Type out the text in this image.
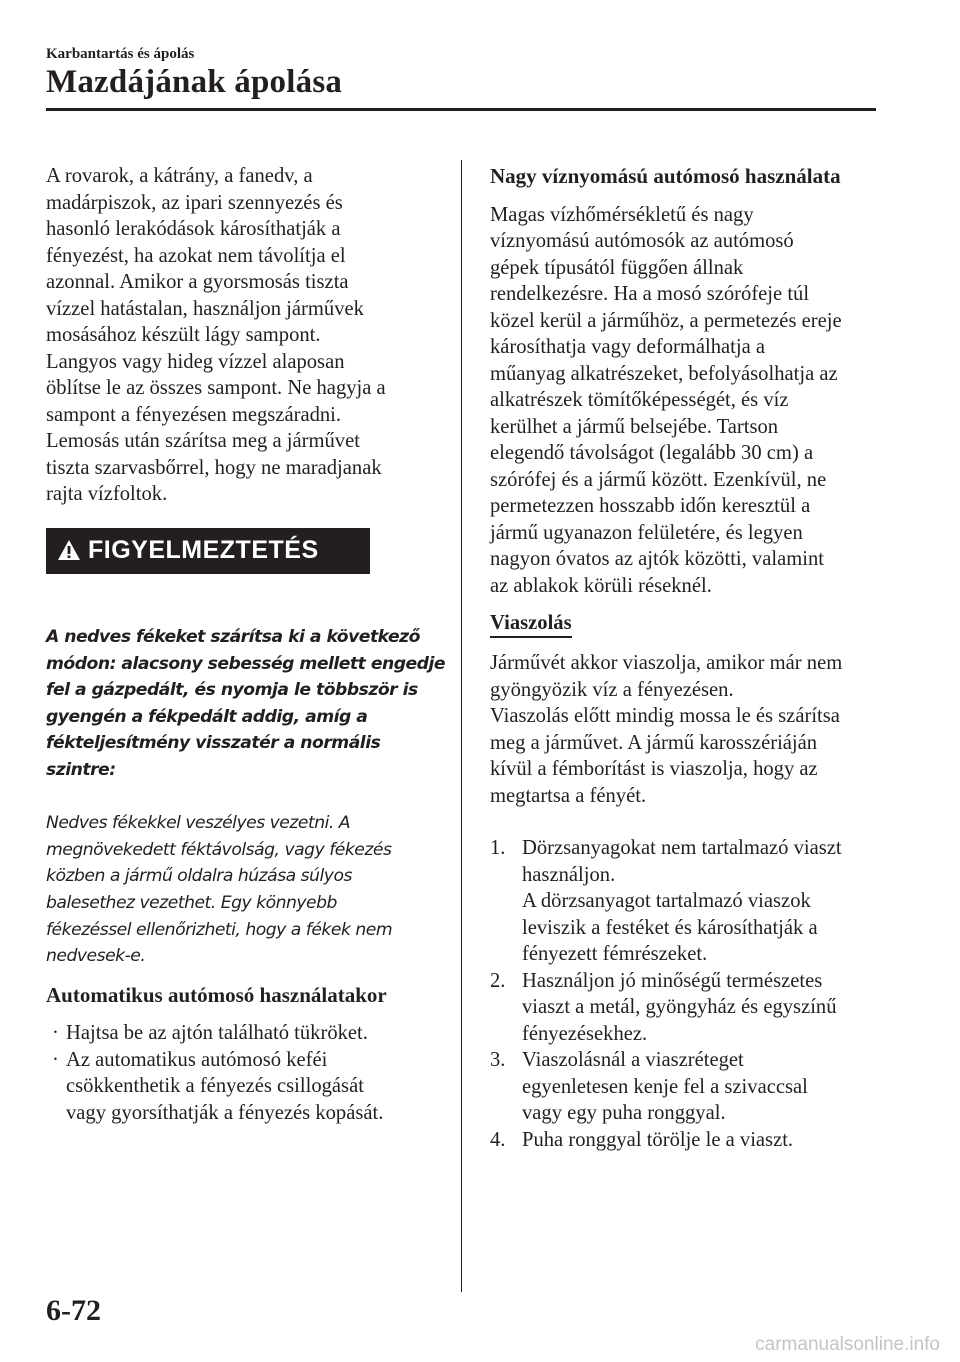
Karbantartás és ápolás
Mazdájának ápolása

A rovarok, a kátrány, a fanedv, a
madárpiszok, az ipari szennyezés és
hasonló lerakódások károsíthatják a
fényezést, ha azokat nem távolítja el
azonnal. Amikor a gyorsmosás tiszta
vízzel hatástalan, használjon járművek
mosásához készült lágy sampont.
Langyos vagy hideg vízzel alaposan
öblítse le az összes sampont. Ne hagyja a
sampont a fényezésen megszáradni.
Lemosás után szárítsa meg a járművet
tiszta szarvasbőrrel, hogy ne maradjanak
rajta vízfoltok.

FIGYELMEZTETÉS

A nedves fékeket szárítsa ki a következő
módon: alacsony sebesség mellett engedje
fel a gázpedált, és nyomja le többször is
gyengén a fékpedált addig, amíg a
fékteljesítmény visszatér a normális szintre:

Nedves fékekkel veszélyes vezetni. A
megnövekedett féktávolság, vagy fékezés
közben a jármű oldalra húzása súlyos
balesethez vezethet. Egy könnyebb
fékezéssel ellenőrizheti, hogy a fékek nem
nedvesek-e.

Automatikus autómosó használatakor
· Hajtsa be az ajtón található tükröket.
· Az automatikus autómosó keféi
csökkenthetik a fényezés csillogását
vagy gyorsíthatják a fényezés kopását.
Nagy víznyomású autómosó használata

Magas vízhőmérsékletű és nagy
víznyomású autómosók az autómosó
gépek típusától függően állnak
rendelkezésre. Ha a mosó szórófeje túl
közel kerül a járműhöz, a permetezés ereje
károsíthatja vagy deformálhatja a
műanyag alkatrészeket, befolyásolhatja az
alkatrészek tömítőképességét, és víz
kerülhet a jármű belsejébe. Tartson
elegendő távolságot (legalább 30 cm) a
szórófej és a jármű között. Ezenkívül, ne
permetezzen hosszabb időn keresztül a
jármű ugyanazon felületére, és legyen
nagyon óvatos az ajtók közötti, valamint
az ablakok körüli réseknél.

Viaszolás

Járművét akkor viaszolja, amikor már nem
gyöngyözik víz a fényezésen.
Viaszolás előtt mindig mossa le és szárítsa
meg a járművet. A jármű karosszériáján
kívül a fémborítást is viaszolja, hogy az
megtartsa a fényét.

1. Dörzsanyagokat nem tartalmazó viaszt
használjon.
A dörzsanyagot tartalmazó viaszok
leviszik a festéket és károsíthatják a
fényezett fémrészeket.
2. Használjon jó minőségű természetes
viaszt a metál, gyöngyház és egyszínű
fényezésekhez.
3. Viaszolásnál a viaszréteget
egyenletesen kenje fel a szivaccsal
vagy egy puha ronggyal.
4. Puha ronggyal törölje le a viaszt.
6-72
carmanualsonline.info
